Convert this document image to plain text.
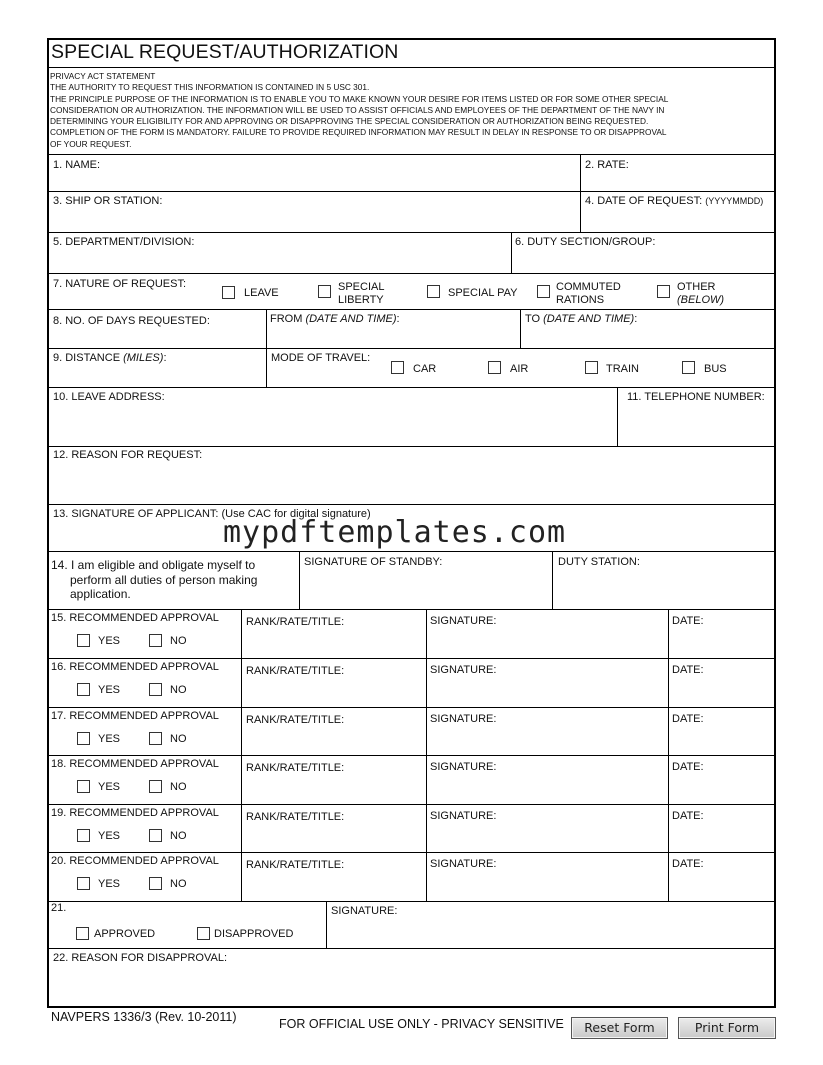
SPECIAL REQUEST/AUTHORIZATION
PRIVACY ACT STATEMENT
THE AUTHORITY TO REQUEST THIS INFORMATION IS CONTAINED IN 5 USC 301.
THE PRINCIPLE PURPOSE OF THE INFORMATION IS TO ENABLE YOU TO MAKE KNOWN YOUR DESIRE FOR ITEMS LISTED OR FOR SOME OTHER SPECIAL
CONSIDERATION OR AUTHORIZATION. THE INFORMATION WILL BE USED TO ASSIST OFFICIALS AND EMPLOYEES OF THE DEPARTMENT OF THE NAVY IN
DETERMINING YOUR ELIGIBILITY FOR AND APPROVING OR DISAPPROVING THE SPECIAL CONSIDERATION OR AUTHORIZATION BEING REQUESTED.
COMPLETION OF THE FORM IS MANDATORY. FAILURE TO PROVIDE REQUIRED INFORMATION MAY RESULT IN DELAY IN RESPONSE TO OR DISAPPROVAL
OF YOUR REQUEST.
1. NAME:	2. RATE:
3. SHIP OR STATION:	4. DATE OF REQUEST: (YYYYMMDD)
5. DEPARTMENT/DIVISION:	6. DUTY SECTION/GROUP:
7. NATURE OF REQUEST:
LEAVE	SPECIAL
LIBERTY
SPECIAL PAY	COMMUTED
RATIONS
OTHER
(BELOW)
8. NO. OF DAYS REQUESTED:	FROM (DATE AND TIME):	TO (DATE AND TIME):
9. DISTANCE (MILES):	MODE OF TRAVEL:
CAR	AIR	TRAIN	BUS
10. LEAVE ADDRESS:	11. TELEPHONE NUMBER:
12. REASON FOR REQUEST:
13. SIGNATURE OF APPLICANT: (Use CAC for digital signature)
mypdftemplates.com
14. I am eligible and obligate myself to
perform all duties of person making
application.
SIGNATURE OF STANDBY:	DUTY STATION:
15. RECOMMENDED APPROVAL
YES	NO
RANK/RATE/TITLE:	SIGNATURE:	DATE:
16. RECOMMENDED APPROVAL
YES	NO
RANK/RATE/TITLE:	SIGNATURE:	DATE:
17. RECOMMENDED APPROVAL
YES	NO
RANK/RATE/TITLE:	SIGNATURE:	DATE:
18. RECOMMENDED APPROVAL
YES	NO
RANK/RATE/TITLE:	SIGNATURE:	DATE:
19. RECOMMENDED APPROVAL
YES	NO
RANK/RATE/TITLE:	SIGNATURE:	DATE:
20. RECOMMENDED APPROVAL
YES	NO
RANK/RATE/TITLE:	SIGNATURE:	DATE:
21.
APPROVED	DISAPPROVED
SIGNATURE:
22. REASON FOR DISAPPROVAL:
NAVPERS 1336/3 (Rev. 10-2011)	FOR OFFICIAL USE ONLY - PRIVACY SENSITIVE	Reset Form	Print Form
